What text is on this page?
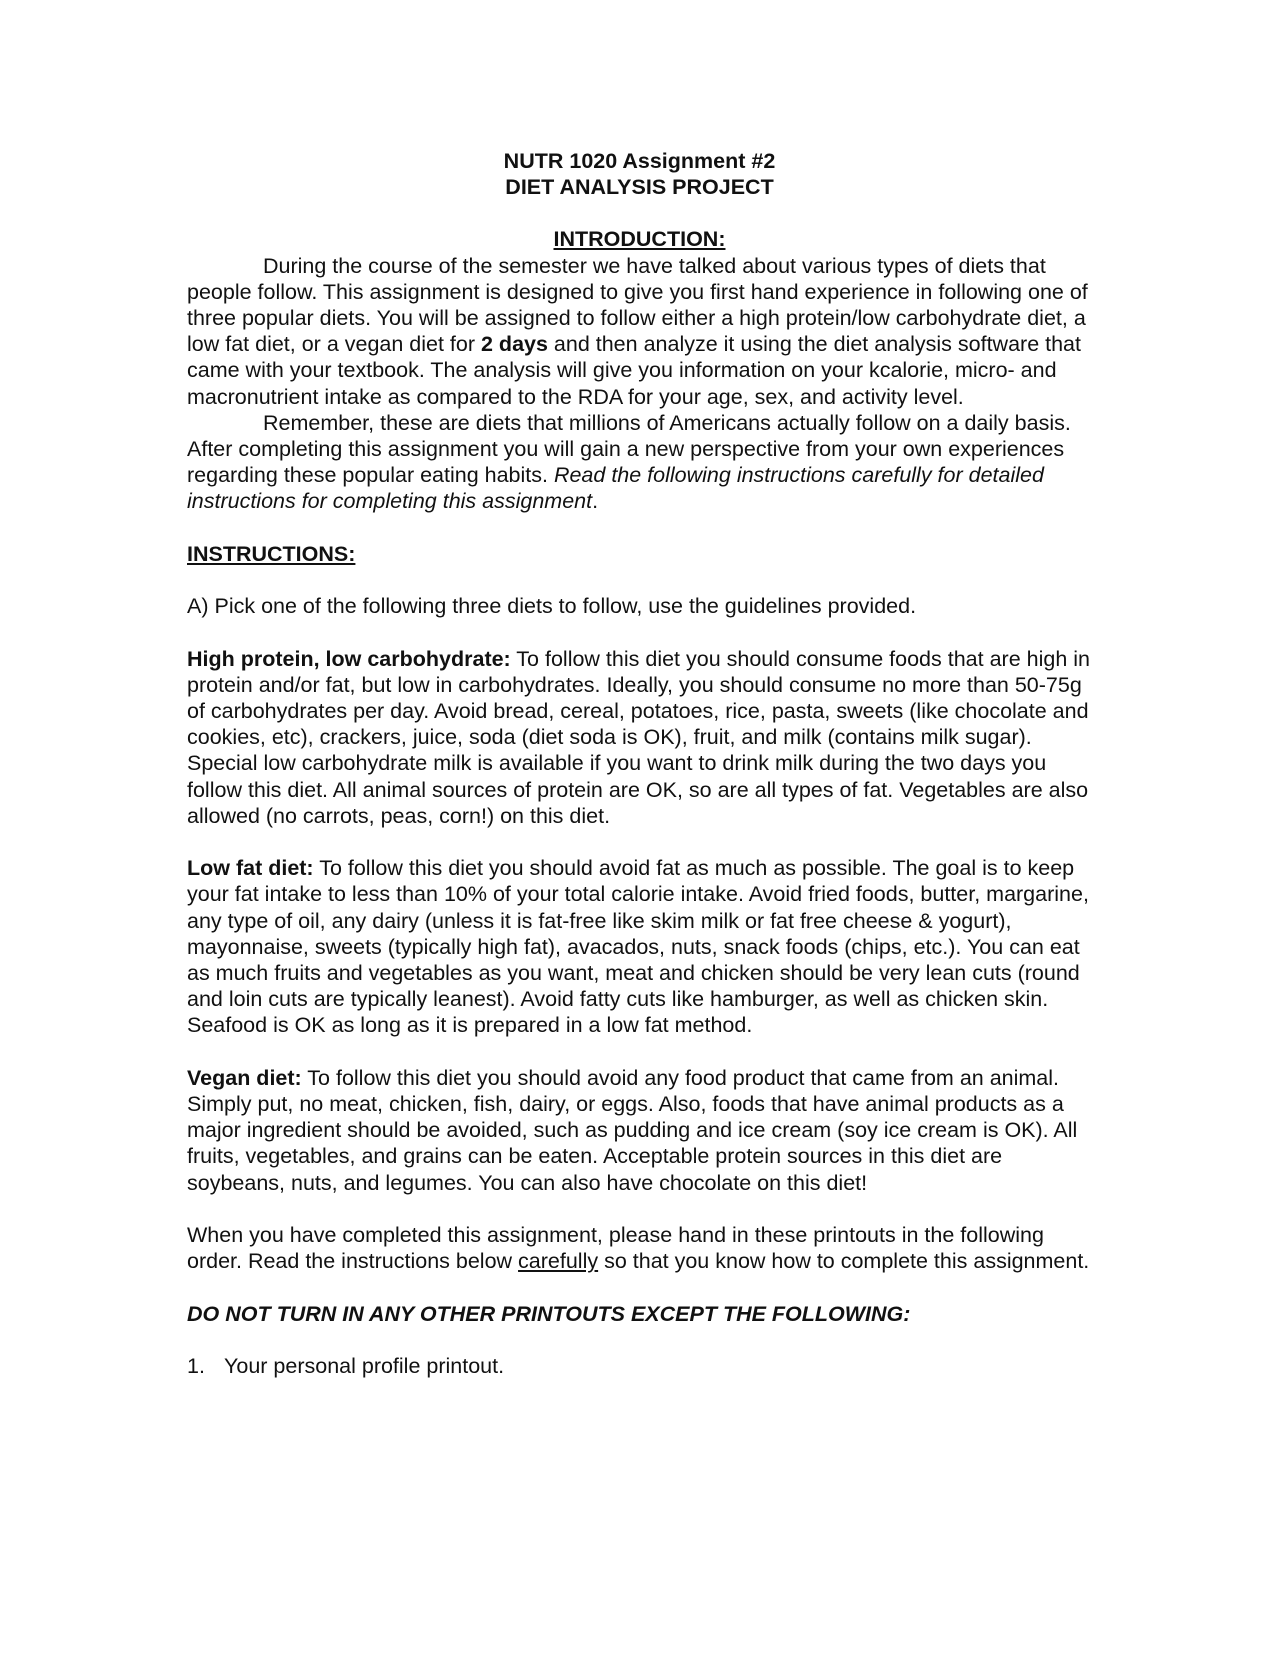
NUTR 1020 Assignment #2

DIET ANALYSIS PROJECT

INTRODUCTION:

During the course of the semester we have talked about various types of diets that people follow. This assignment is designed to give you first hand experience in following one of three popular diets. You will be assigned to follow either a high protein/low carbohydrate diet, a low fat diet, or a vegan diet for 2 days and then analyze it using the diet analysis software that came with your textbook. The analysis will give you information on your kcalorie, micro- and macronutrient intake as compared to the RDA for your age, sex, and activity level.

Remember, these are diets that millions of Americans actually follow on a daily basis. After completing this assignment you will gain a new perspective from your own experiences regarding these popular eating habits. Read the following instructions carefully for detailed instructions for completing this assignment.

INSTRUCTIONS:

A) Pick one of the following three diets to follow, use the guidelines provided.

High protein, low carbohydrate: To follow this diet you should consume foods that are high in protein and/or fat, but low in carbohydrates. Ideally, you should consume no more than 50-75g of carbohydrates per day. Avoid bread, cereal, potatoes, rice, pasta, sweets (like chocolate and cookies, etc), crackers, juice, soda (diet soda is OK), fruit, and milk (contains milk sugar). Special low carbohydrate milk is available if you want to drink milk during the two days you follow this diet. All animal sources of protein are OK, so are all types of fat. Vegetables are also allowed (no carrots, peas, corn!) on this diet.

Low fat diet: To follow this diet you should avoid fat as much as possible. The goal is to keep your fat intake to less than 10% of your total calorie intake. Avoid fried foods, butter, margarine, any type of oil, any dairy (unless it is fat-free like skim milk or fat free cheese & yogurt), mayonnaise, sweets (typically high fat), avacados, nuts, snack foods (chips, etc.). You can eat as much fruits and vegetables as you want, meat and chicken should be very lean cuts (round and loin cuts are typically leanest). Avoid fatty cuts like hamburger, as well as chicken skin. Seafood is OK as long as it is prepared in a low fat method.

Vegan diet: To follow this diet you should avoid any food product that came from an animal. Simply put, no meat, chicken, fish, dairy, or eggs. Also, foods that have animal products as a major ingredient should be avoided, such as pudding and ice cream (soy ice cream is OK). All fruits, vegetables, and grains can be eaten. Acceptable protein sources in this diet are soybeans, nuts, and legumes. You can also have chocolate on this diet!

When you have completed this assignment, please hand in these printouts in the following order. Read the instructions below carefully so that you know how to complete this assignment.

DO NOT TURN IN ANY OTHER PRINTOUTS EXCEPT THE FOLLOWING:

1. Your personal profile printout.
